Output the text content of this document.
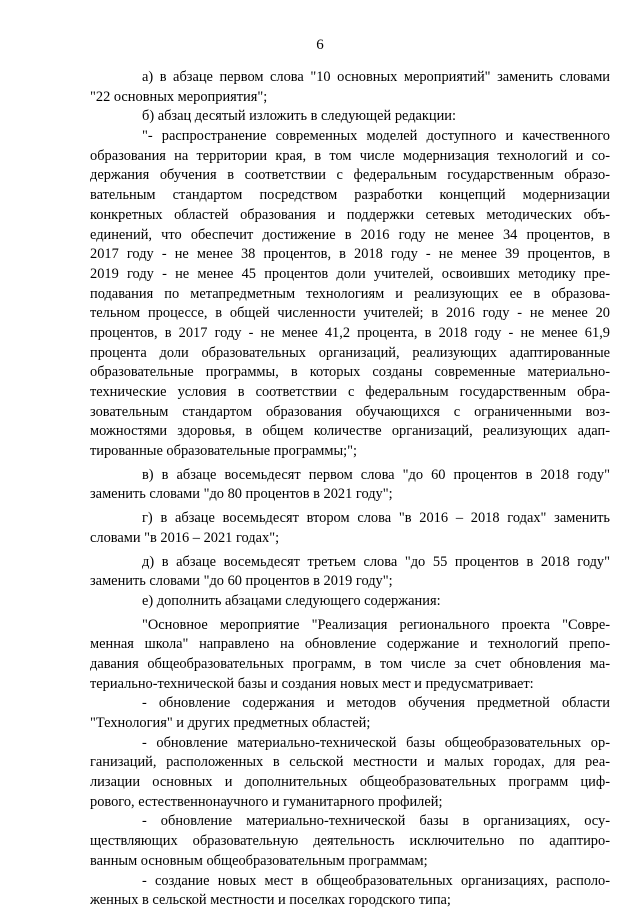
6
а) в абзаце первом слова "10 основных мероприятий" заменить словами
"22 основных мероприятия";
б) абзац десятый изложить в следующей редакции:
"- распространение современных моделей доступного и качественного
образования на территории края, в том числе модернизация технологий и со-
держания обучения в соответствии с федеральным государственным образо-
вательным стандартом посредством разработки концепций модернизации
конкретных областей образования и поддержки сетевых методических объ-
единений, что обеспечит достижение в 2016 году не менее 34 процентов, в
2017 году - не менее 38 процентов, в 2018 году - не менее 39 процентов, в
2019 году - не менее 45 процентов доли учителей, освоивших методику пре-
подавания по метапредметным технологиям и реализующих ее в образова-
тельном процессе, в общей численности учителей; в 2016 году - не менее 20
процентов, в 2017 году - не менее 41,2 процента, в 2018 году - не менее 61,9
процента доли образовательных организаций, реализующих адаптированные
образовательные программы, в которых созданы современные материально-
технические условия в соответствии с федеральным государственным обра-
зовательным стандартом образования обучающихся с ограниченными воз-
можностями здоровья, в общем количестве организаций, реализующих адап-
тированные образовательные программы;";
в) в абзаце восемьдесят первом слова "до 60 процентов в 2018 году"
заменить словами "до 80 процентов в 2021 году";
г) в абзаце восемьдесят втором слова "в 2016 – 2018 годах" заменить
словами "в 2016 – 2021 годах";
д) в абзаце восемьдесят третьем слова "до 55 процентов в 2018 году"
заменить словами "до 60 процентов в 2019 году";
е) дополнить абзацами следующего содержания:
"Основное мероприятие "Реализация регионального проекта "Совре-
менная школа" направлено на обновление содержание и технологий препо-
давания общеобразовательных программ, в том числе за счет обновления ма-
териально-технической базы и создания новых мест и предусматривает:
- обновление содержания и методов обучения предметной области
"Технология" и других предметных областей;
- обновление материально-технической базы общеобразовательных ор-
ганизаций, расположенных в сельской местности и малых городах, для реа-
лизации основных и дополнительных общеобразовательных программ циф-
рового, естественнонаучного и гуманитарного профилей;
- обновление материально-технической базы в организациях, осу-
ществляющих образовательную деятельность исключительно по адаптиро-
ванным основным общеобразовательным программам;
- создание новых мест в общеобразовательных организациях, располо-
женных в сельской местности и поселках городского типа;
